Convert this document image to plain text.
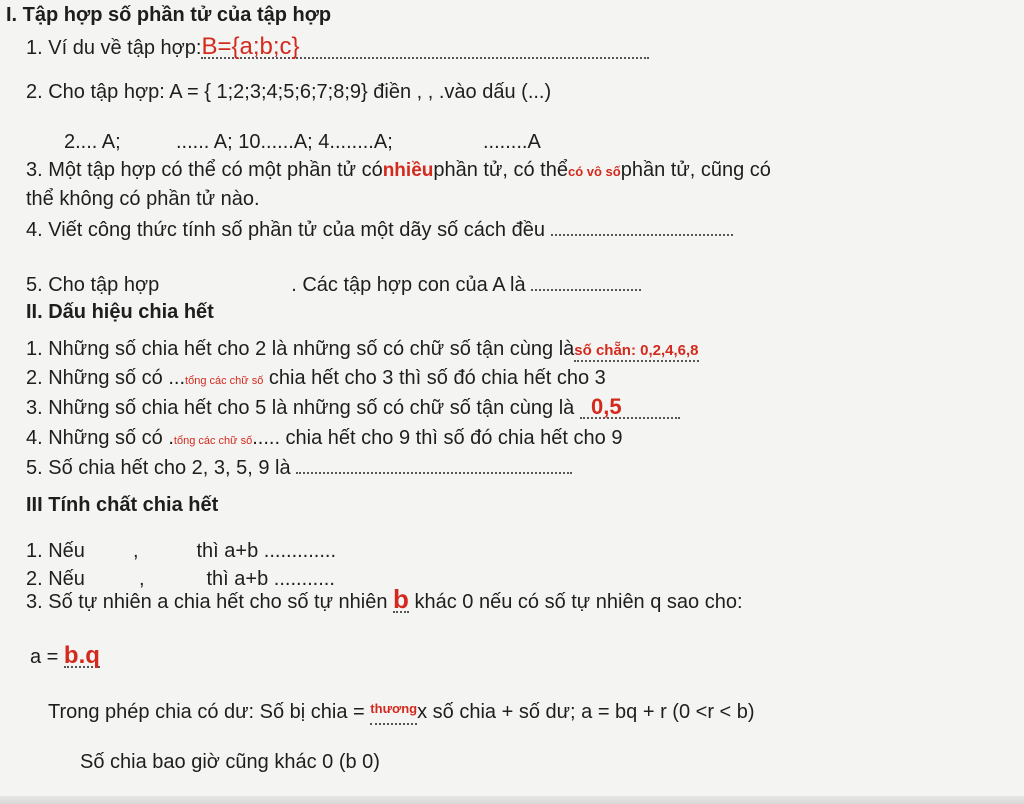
I. Tập hợp số phần tử của tập hợp
1. Ví du về tập hợp:B={a;b;c}
2. Cho tập hợp: A = { 1;2;3;4;5;6;7;8;9} điền , , .vào dấu (...)
2.... A;	...... A; 10......A; 4........A;	........A
3. Một tập hợp có thể có một phần tử cónhiềuphần tử, có thểcó vô sốphần tử, cũng có
thể không có phần tử nào.
4. Viết công thức tính số phần tử của một dãy số cách đều
5. Cho tập hợp	. Các tập hợp con của A là
II. Dấu hiệu chia hết
1. Những số chia hết cho 2 là những số có chữ số tận cùng làsố chẵn: 0,2,4,6,8
2. Những số có ...tổng các chữ số chia hết cho 3 thì số đó chia hết cho 3
3. Những số chia hết cho 5 là những số có chữ số tận cùng là 0,5
4. Những số có .tổng các chữ số..... chia hết cho 9 thì số đó chia hết cho 9
5. Số chia hết cho 2, 3, 5, 9 là
III Tính chất chia hết
1. Nếu ,	thì a+b .............
2. Nếu	,	thì a+b ...........
3. Số tự nhiên a chia hết cho số tự nhiên b khác 0 nếu có số tự nhiên q sao cho:
a = b.q
Trong phép chia có dư: Số bị chia = $^{thương}$x số chia + số dư; a = bq + r (0 <r < b)
Số chia bao giờ cũng khác 0 (b 0)
